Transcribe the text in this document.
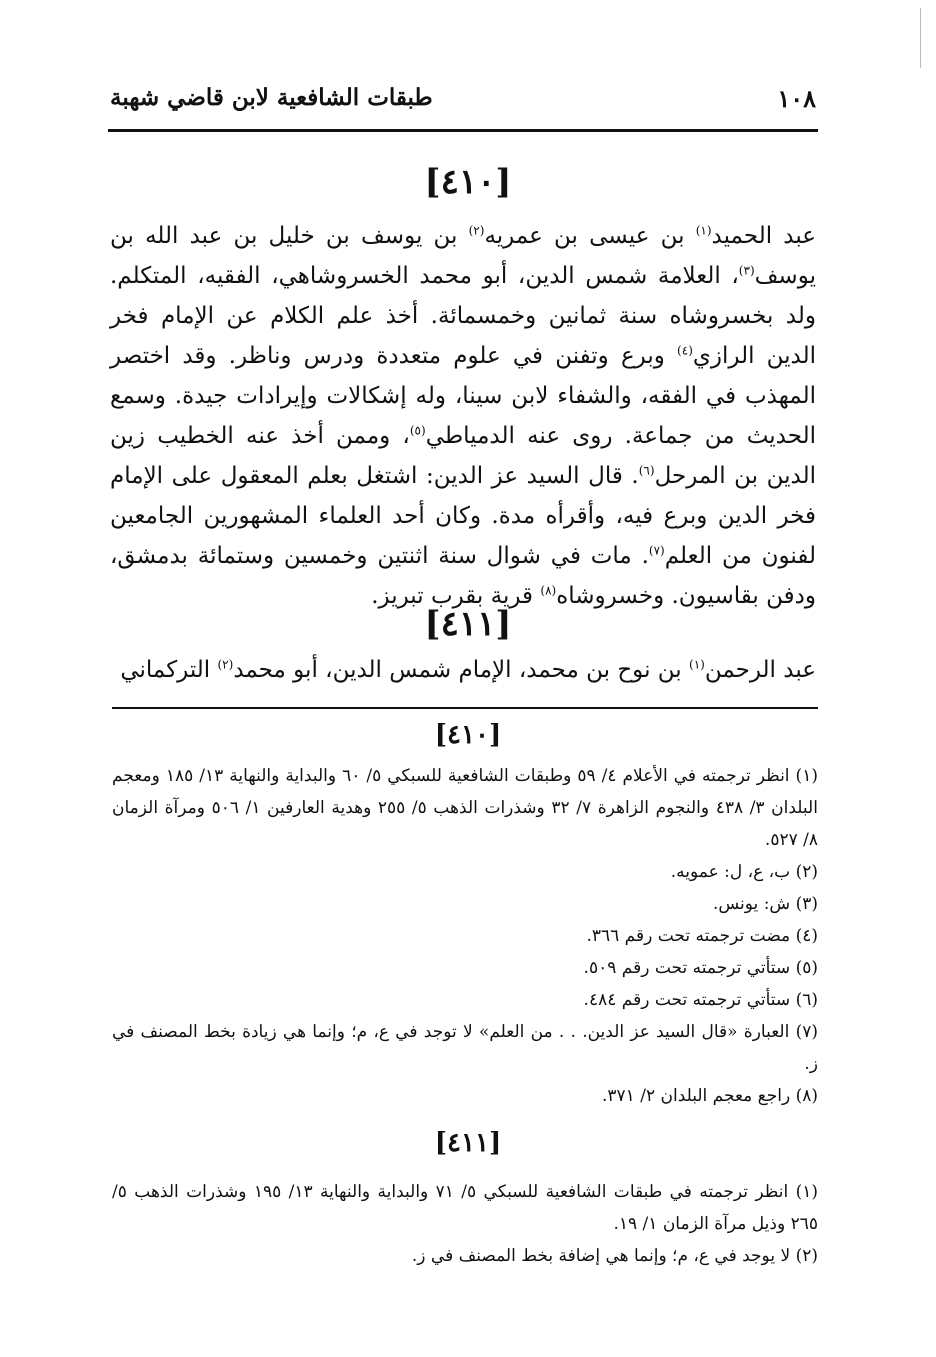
١٠٨
طبقات الشافعية لابن قاضي شهبة
[٤١٠]
عبد الحميد$^{(١)}$ بن عيسى بن عمريه$^{(٢)}$ بن يوسف بن خليل بن عبد الله بن يوسف$^{(٣)}$، العلامة شمس الدين، أبو محمد الخسروشاهي، الفقيه، المتكلم. ولد بخسروشاه سنة ثمانين وخمسمائة. أخذ علم الكلام عن الإمام فخر الدين الرازي$^{(٤)}$ وبرع وتفنن في علوم متعددة ودرس وناظر. وقد اختصر المهذب في الفقه، والشفاء لابن سينا، وله إشكالات وإيرادات جيدة. وسمع الحديث من جماعة. روى عنه الدمياطي$^{(٥)}$، وممن أخذ عنه الخطيب زين الدين بن المرحل$^{(٦)}$. قال السيد عز الدين: اشتغل بعلم المعقول على الإمام فخر الدين وبرع فيه، وأقرأه مدة. وكان أحد العلماء المشهورين الجامعين لفنون من العلم$^{(٧)}$. مات في شوال سنة اثنتين وخمسين وستمائة بدمشق، ودفن بقاسيون. وخسروشاه$^{(٨)}$ قرية بقرب تبريز.
[٤١١]
عبد الرحمن$^{(١)}$ بن نوح بن محمد، الإمام شمس الدين، أبو محمد$^{(٢)}$ التركماني
[٤١٠]
(١) انظر ترجمته في الأعلام ٤/ ٥٩ وطبقات الشافعية للسبكي ٥/ ٦٠ والبداية والنهاية ١٣/ ١٨٥ ومعجم البلدان ٣/ ٤٣٨ والنجوم الزاهرة ٧/ ٣٢ وشذرات الذهب ٥/ ٢٥٥ وهدية العارفين ١/ ٥٠٦ ومرآة الزمان ٨/ ٥٢٧.
(٢) ب، ع، ل: عمويه.
(٣) ش: يونس.
(٤) مضت ترجمته تحت رقم ٣٦٦.
(٥) ستأتي ترجمته تحت رقم ٥٠٩.
(٦) ستأتي ترجمته تحت رقم ٤٨٤.
(٧) العبارة «قال السيد عز الدين. . . من العلم» لا توجد في ع، م؛ وإنما هي زيادة بخط المصنف في ز.
(٨) راجع معجم البلدان ٢/ ٣٧١.
[٤١١]
(١) انظر ترجمته في طبقات الشافعية للسبكي ٥/ ٧١ والبداية والنهاية ١٣/ ١٩٥ وشذرات الذهب ٥/ ٢٦٥ وذيل مرآة الزمان ١/ ١٩.
(٢) لا يوجد في ع، م؛ وإنما هي إضافة بخط المصنف في ز.
